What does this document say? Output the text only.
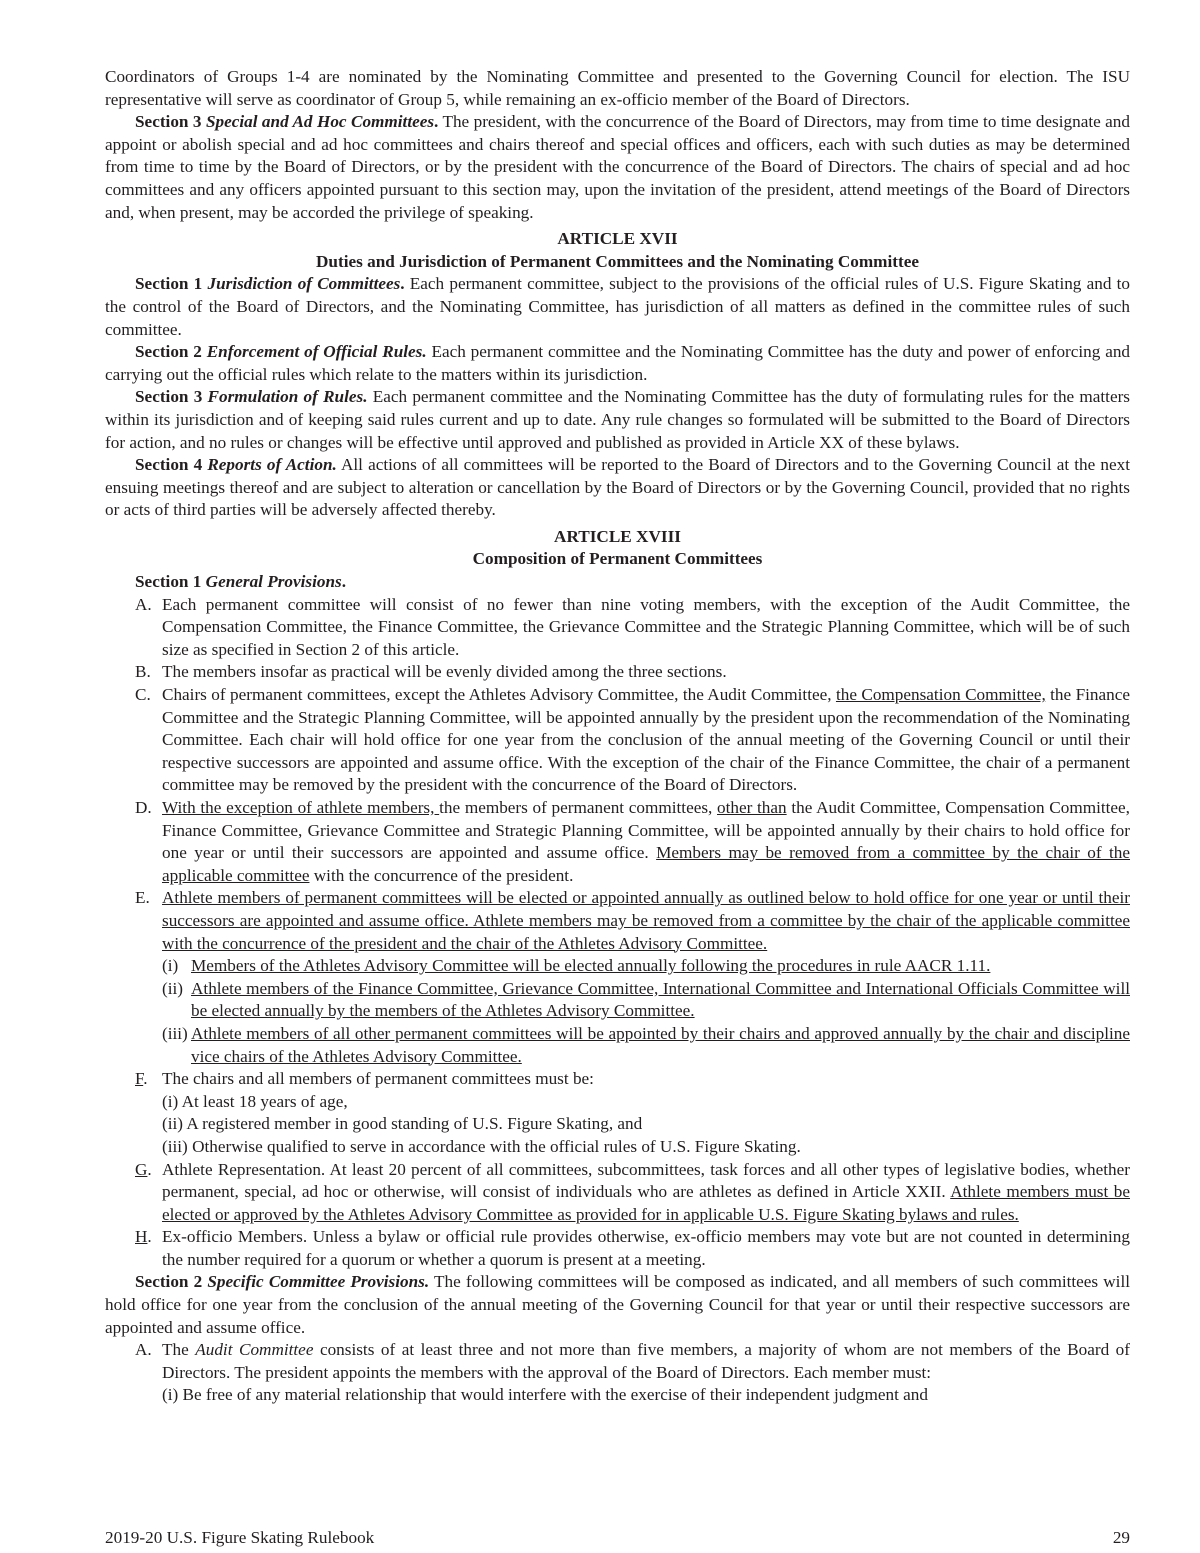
Coordinators of Groups 1-4 are nominated by the Nominating Committee and presented to the Governing Council for election. The ISU representative will serve as coordinator of Group 5, while remaining an ex-officio member of the Board of Directors.

Section 3 Special and Ad Hoc Committees. The president, with the concurrence of the Board of Directors, may from time to time designate and appoint or abolish special and ad hoc committees and chairs thereof and special offices and officers, each with such duties as may be determined from time to time by the Board of Directors, or by the president with the concurrence of the Board of Directors. The chairs of special and ad hoc committees and any officers appointed pursuant to this section may, upon the invitation of the president, attend meetings of the Board of Directors and, when present, may be accorded the privilege of speaking.

ARTICLE XVII

Duties and Jurisdiction of Permanent Committees and the Nominating Committee

Section 1 Jurisdiction of Committees. Each permanent committee, subject to the provisions of the official rules of U.S. Figure Skating and to the control of the Board of Directors, and the Nominating Committee, has jurisdiction of all matters as defined in the committee rules of such committee.

Section 2 Enforcement of Official Rules. Each permanent committee and the Nominating Committee has the duty and power of enforcing and carrying out the official rules which relate to the matters within its jurisdiction.

Section 3 Formulation of Rules. Each permanent committee and the Nominating Committee has the duty of formulating rules for the matters within its jurisdiction and of keeping said rules current and up to date. Any rule changes so formulated will be submitted to the Board of Directors for action, and no rules or changes will be effective until approved and published as provided in Article XX of these bylaws.

Section 4 Reports of Action. All actions of all committees will be reported to the Board of Directors and to the Governing Council at the next ensuing meetings thereof and are subject to alteration or cancellation by the Board of Directors or by the Governing Council, provided that no rights or acts of third parties will be adversely affected thereby.

ARTICLE XVIII

Composition of Permanent Committees

Section 1 General Provisions.

A. Each permanent committee will consist of no fewer than nine voting members, with the exception of the Audit Committee, the Compensation Committee, the Finance Committee, the Grievance Committee and the Strategic Planning Committee, which will be of such size as specified in Section 2 of this article.

B. The members insofar as practical will be evenly divided among the three sections.

C. Chairs of permanent committees, except the Athletes Advisory Committee, the Audit Committee, the Compensation Committee, the Finance Committee and the Strategic Planning Committee, will be appointed annually by the president upon the recommendation of the Nominating Committee. Each chair will hold office for one year from the conclusion of the annual meeting of the Governing Council or until their respective successors are appointed and assume office. With the exception of the chair of the Finance Committee, the chair of a permanent committee may be removed by the president with the concurrence of the Board of Directors.

D. With the exception of athlete members, the members of permanent committees, other than the Audit Committee, Compensation Committee, Finance Committee, Grievance Committee and Strategic Planning Committee, will be appointed annually by their chairs to hold office for one year or until their successors are appointed and assume office. Members may be removed from a committee by the chair of the applicable committee with the concurrence of the president.

E. Athlete members of permanent committees will be elected or appointed annually as outlined below to hold office for one year or until their successors are appointed and assume office. Athlete members may be removed from a committee by the chair of the applicable committee with the concurrence of the president and the chair of the Athletes Advisory Committee.

(i) Members of the Athletes Advisory Committee will be elected annually following the procedures in rule AACR 1.11.

(ii) Athlete members of the Finance Committee, Grievance Committee, International Committee and International Officials Committee will be elected annually by the members of the Athletes Advisory Committee.

(iii) Athlete members of all other permanent committees will be appointed by their chairs and approved annually by the chair and discipline vice chairs of the Athletes Advisory Committee.

F. The chairs and all members of permanent committees must be:

(i) At least 18 years of age,

(ii) A registered member in good standing of U.S. Figure Skating, and

(iii) Otherwise qualified to serve in accordance with the official rules of U.S. Figure Skating.

G. Athlete Representation. At least 20 percent of all committees, subcommittees, task forces and all other types of legislative bodies, whether permanent, special, ad hoc or otherwise, will consist of individuals who are athletes as defined in Article XXII. Athlete members must be elected or approved by the Athletes Advisory Committee as provided for in applicable U.S. Figure Skating bylaws and rules.

H. Ex-officio Members. Unless a bylaw or official rule provides otherwise, ex-officio members may vote but are not counted in determining the number required for a quorum or whether a quorum is present at a meeting.

Section 2 Specific Committee Provisions. The following committees will be composed as indicated, and all members of such committees will hold office for one year from the conclusion of the annual meeting of the Governing Council for that year or until their respective successors are appointed and assume office.

A. The Audit Committee consists of at least three and not more than five members, a majority of whom are not members of the Board of Directors. The president appoints the members with the approval of the Board of Directors. Each member must:

(i) Be free of any material relationship that would interfere with the exercise of their independent judgment and

2019-20 U.S. Figure Skating Rulebook	29
